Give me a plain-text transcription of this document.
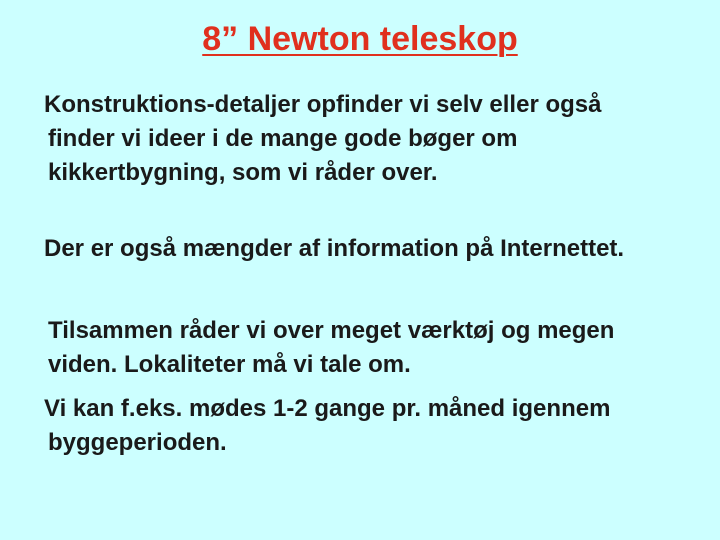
8” Newton teleskop
Konstruktions-detaljer opfinder vi selv eller også
finder vi ideer i de mange gode bøger om
kikkertbygning, som vi råder over.
Der er også mængder af information på Internettet.
Tilsammen råder vi over meget værktøj og megen
viden. Lokaliteter må vi tale om.
Vi kan f.eks. mødes 1-2 gange pr. måned igennem
byggeperioden.
